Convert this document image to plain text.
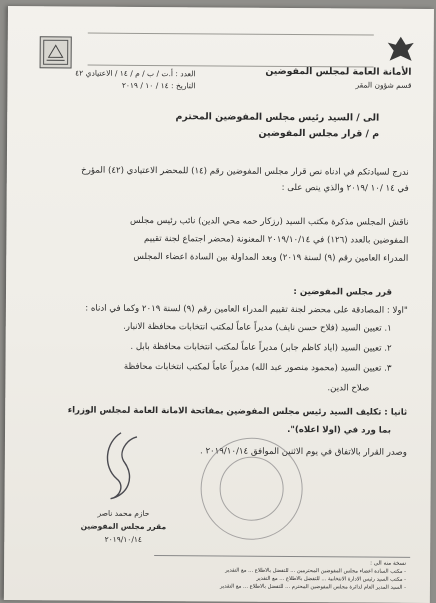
الأمانة العامة لمجلس المفوضين
قسم شؤون المقر
العدد : أ.ت / ب / م / ١٤ / الاعتيادي ٤٢
التاريخ : ١٤ / ١٠ / ٢٠١٩
الى / السيد رئيس مجلس المفوضين المحترم
م / قرار مجلس المفوضين
ندرج لسيادتكم في ادناه نص قرار مجلس المفوضين رقم (١٤) للمحضر الاعتيادي (٤٢) المؤرخ
في ١٤ /١٠ /٢٠١٩ والذي ينص على :
ناقش المجلس مذكرة مكتب السيد (رزكار حمه محي الدين) نائب رئيس مجلس
المفوضين بالعدد (١٢٦) في ٢٠١٩/١٠/١٤ المعنونة (محضر اجتماع لجنة تقييم
المدراء العامين رقم (٩) لسنة ٢٠١٩) وبعد المداولة بين السادة اعضاء المجلس
قرر مجلس المفوضين :
"اولا : المصادقة على محضر لجنة تقييم المدراء العامين رقم (٩) لسنة ٢٠١٩ وكما في ادناه :
١. تعيين السيد (فلاح حسن نايف) مديراً عاماً لمكتب انتخابات محافظة الانبار.
٢. تعيين السيد (اياد كاظم جابر) مديراً عاماً لمكتب انتخابات محافظة بابل .
٣. تعيين السيد (محمود منصور عبد الله) مديراً عاماً لمكتب انتخابات محافظة
صلاح الدين.
ثانيا : تكليف السيد رئيس مجلس المفوضين بمفاتحة الامانة العامة لمجلس الوزراء
بما ورد في (اولا اعلاه)".
وصدر القرار بالاتفاق في يوم الاثنين الموافق ٢٠١٩/١٠/١٤ .
حازم محمد ناصر
مقرر مجلس المفوضين
٢٠١٩/١٠/١٤
نسخة منه الى :
- مكتب السادة اعضاء مجلس المفوضين المحترمين ... للتفضل بالاطلاع ... مع التقدير
- مكتب السيد رئيس الادارة الانتخابية ... للتفضل بالاطلاع ... مع التقدير
- السيد المدير العام لدائرة مجلس المفوضين المحترم ... للتفضل بالاطلاع ... مع التقدير
